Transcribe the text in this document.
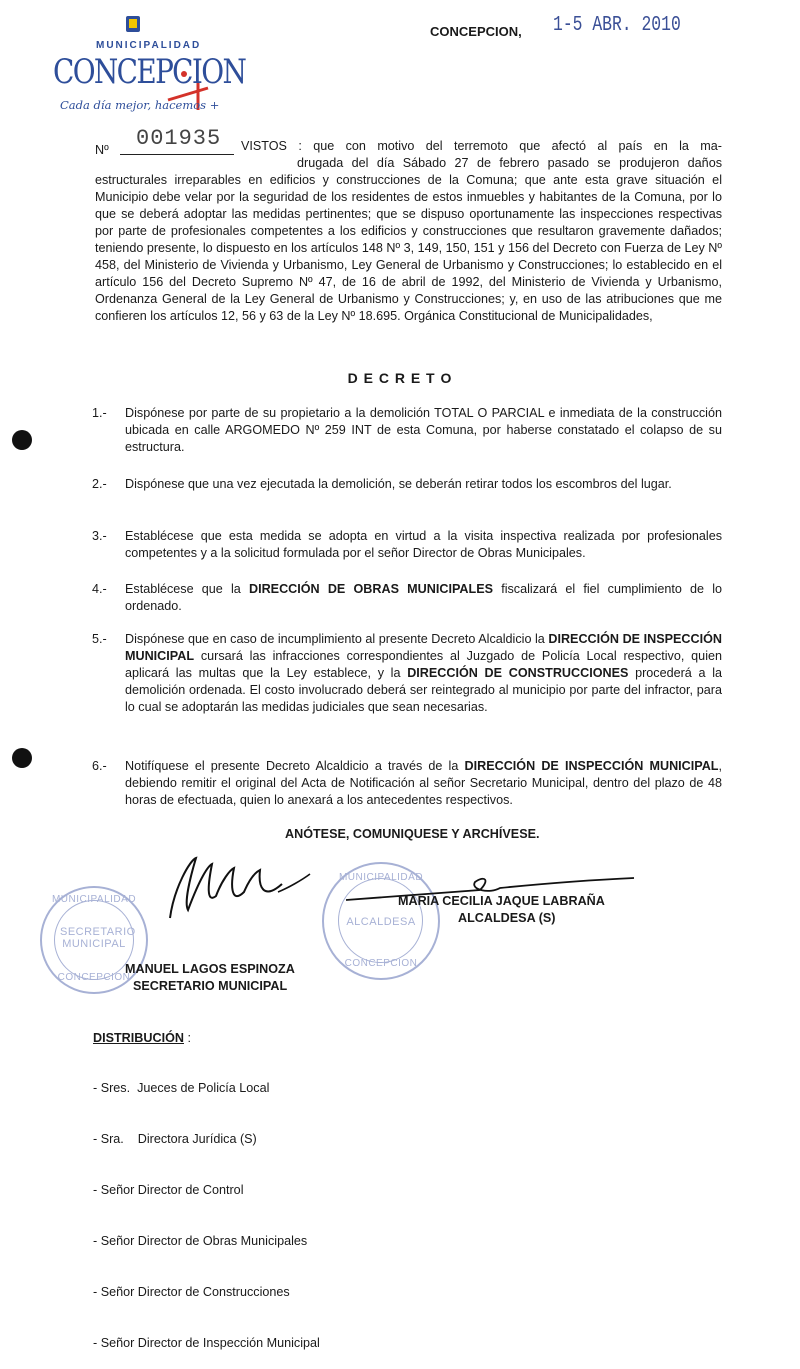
MUNICIPALIDAD
CONCEPCION
Cada día mejor, hacemos +
CONCEPCION, 1-5 ABR. 2010
Nº 001935 VISTOS : que con motivo del terremoto que afectó al país en la ma-
drugada del día Sábado 27 de febrero pasado se produjeron daños estructurales irreparables en edificios y construcciones de la Comuna; que ante esta grave situación el Municipio debe velar por la seguridad de los residentes de estos inmuebles y habitantes de la Comuna, por lo que se deberá adoptar las medidas pertinentes; que se dispuso oportunamente las inspecciones respectivas por parte de profesionales competentes a los edificios y construcciones que resultaron gravemente dañados; teniendo presente, lo dispuesto en los artículos 148 Nº 3, 149, 150, 151 y 156 del Decreto con Fuerza de Ley Nº 458, del Ministerio de Vivienda y Urbanismo, Ley General de Urbanismo y Construcciones; lo establecido en el artículo 156 del Decreto Supremo Nº 47, de 16 de abril de 1992, del Ministerio de Vivienda y Urbanismo, Ordenanza General de la Ley General de Urbanismo y Construcciones; y, en uso de las atribuciones que me confieren los artículos 12, 56 y 63 de la Ley Nº 18.695. Orgánica Constitucional de Municipalidades,
D E C R E T O
1.- Dispónese por parte de su propietario a la demolición TOTAL O PARCIAL e inmediata de la construcción ubicada en calle ARGOMEDO Nº 259 INT de esta Comuna, por haberse constatado el colapso de su estructura.
2.- Dispónese que una vez ejecutada la demolición, se deberán retirar todos los escombros del lugar.
3.- Establécese que esta medida se adopta en virtud a la visita inspectiva realizada por profesionales competentes y a la solicitud formulada por el señor Director de Obras Municipales.
4.- Establécese que la DIRECCIÓN DE OBRAS MUNICIPALES fiscalizará el fiel cumplimiento de lo ordenado.
5.- Dispónese que en caso de incumplimiento al presente Decreto Alcaldicio la DIRECCIÓN DE INSPECCIÓN MUNICIPAL cursará las infracciones correspondientes al Juzgado de Policía Local respectivo, quien aplicará las multas que la Ley establece, y la DIRECCIÓN DE CONSTRUCCIONES procederá a la demolición ordenada. El costo involucrado deberá ser reintegrado al municipio por parte del infractor, para lo cual se adoptarán las medidas judiciales que sean necesarias.
6.- Notifíquese el presente Decreto Alcaldicio a través de la DIRECCIÓN DE INSPECCIÓN MUNICIPAL, debiendo remitir el original del Acta de Notificación al señor Secretario Municipal, dentro del plazo de 48 horas de efectuada, quien lo anexará a los antecedentes respectivos.
ANÓTESE, COMUNIQUESE Y ARCHÍVESE.
MUNICIPALIDAD
SECRETARIO MUNICIPAL
CONCEPCION
MUNICIPALIDAD
ALCALDESA
CONCEPCION
MARIA CECILIA JAQUE LABRAÑA
ALCALDESA (S)
MANUEL LAGOS ESPINOZA
SECRETARIO MUNICIPAL
DISTRIBUCIÓN :

- Sres.  Jueces de Policía Local

- Sra.    Directora Jurídica (S)

- Señor Director de Control

- Señor Director de Obras Municipales

- Señor Director de Construcciones

- Señor Director de Inspección Municipal
